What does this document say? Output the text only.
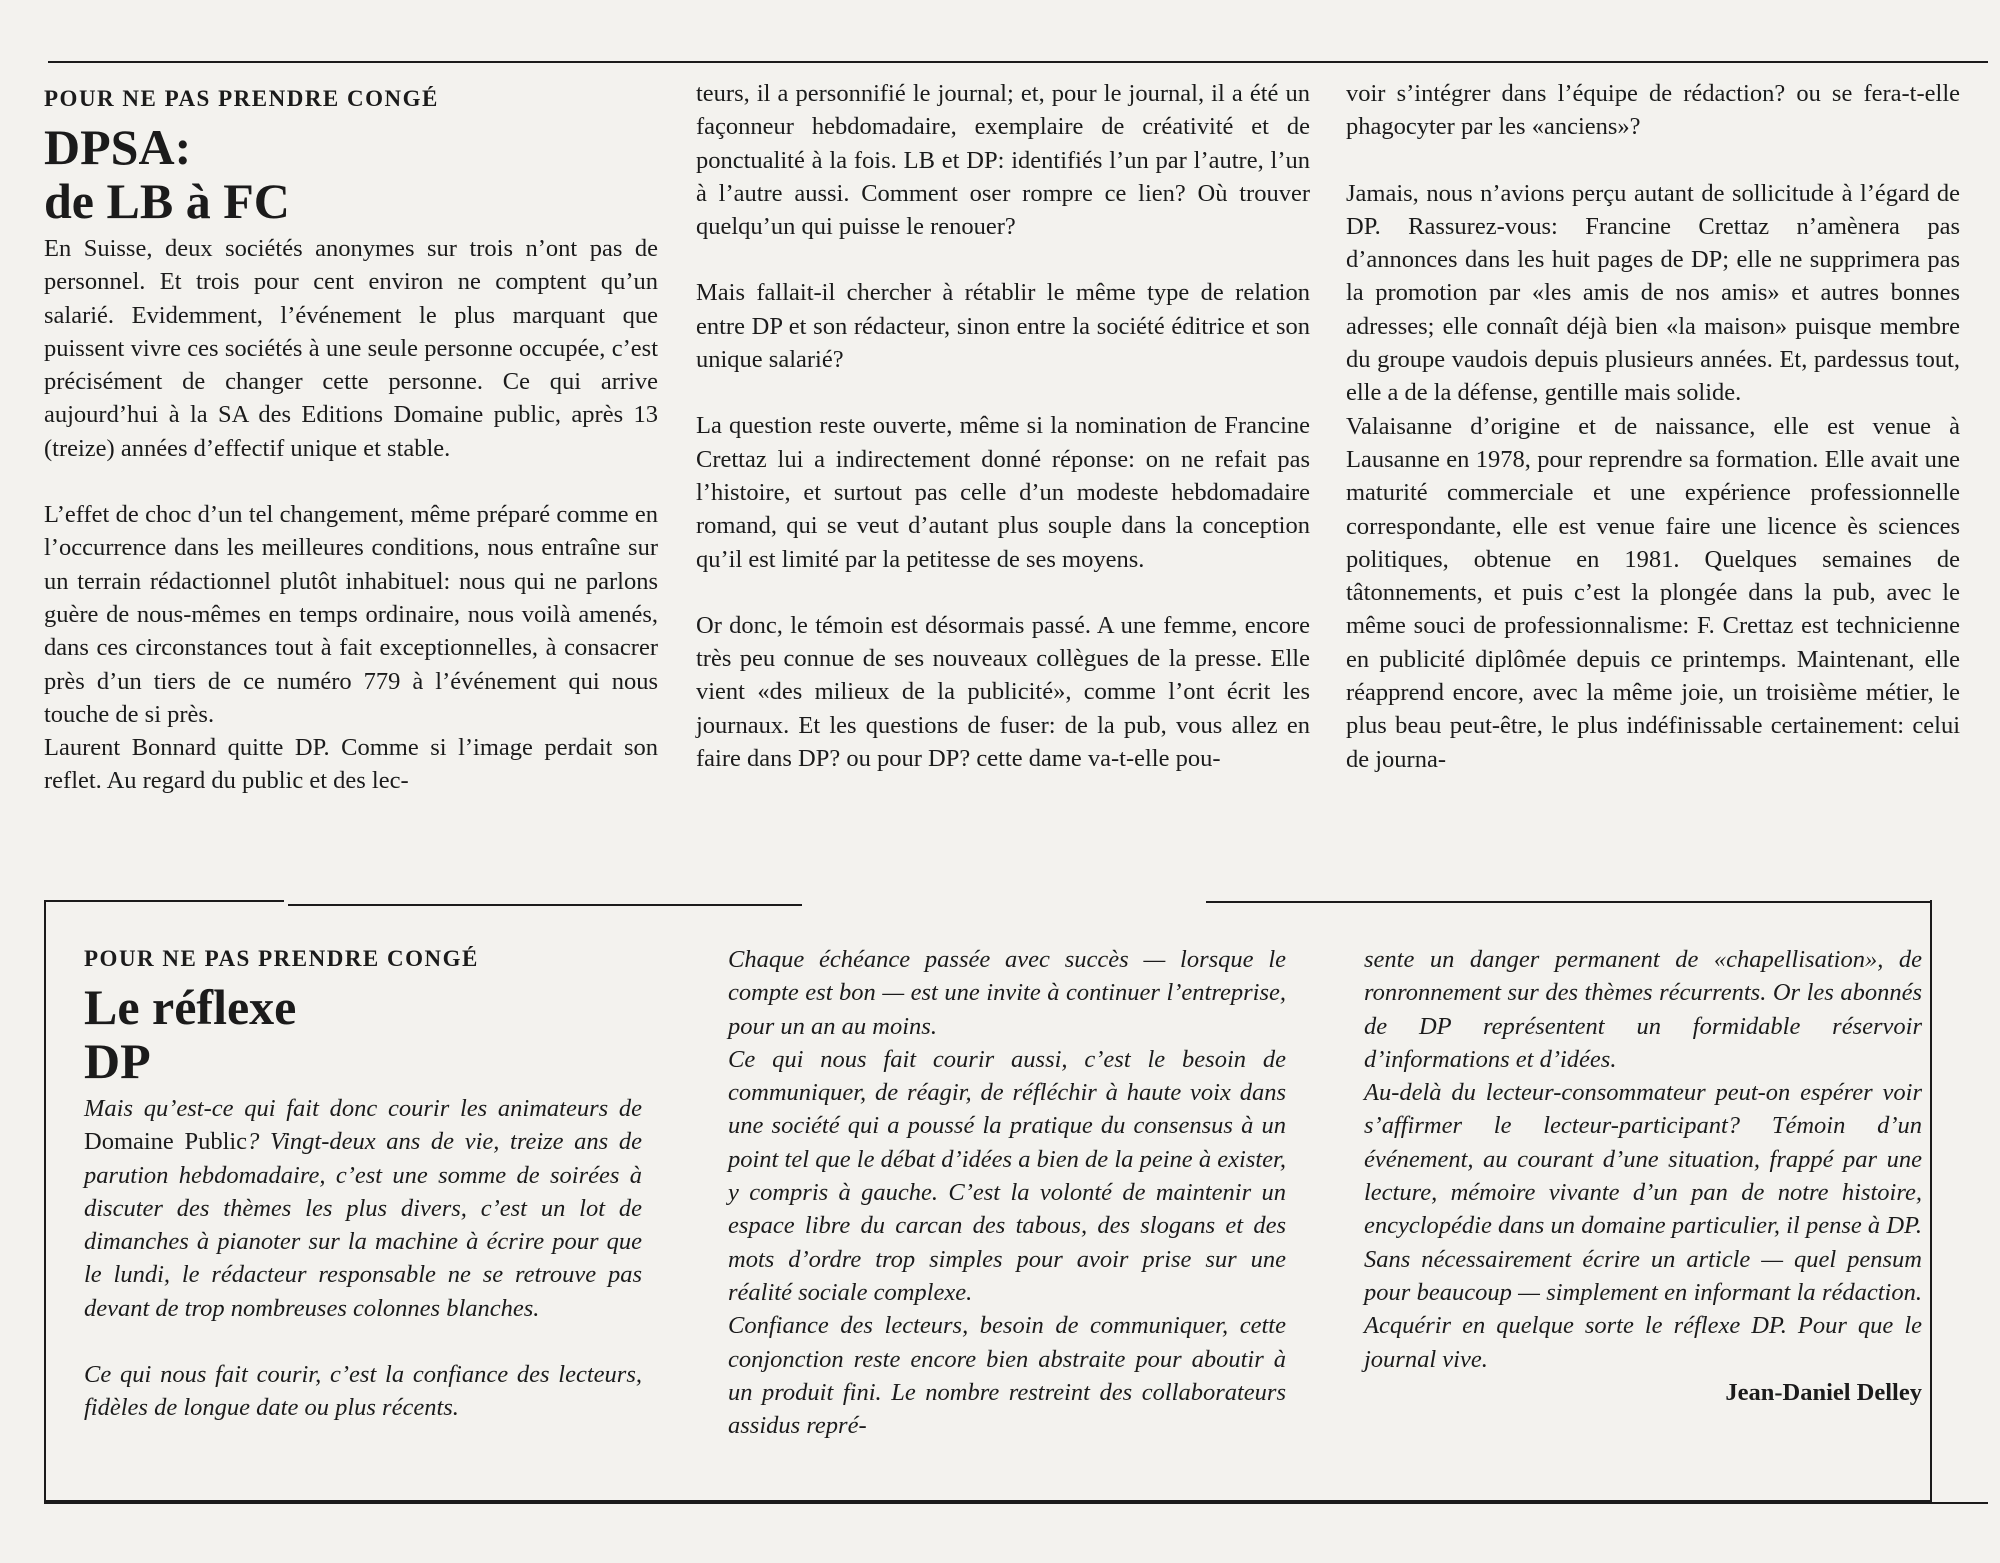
POUR NE PAS PRENDRE CONGÉ
DPSA:
de LB à FC

En Suisse, deux sociétés anonymes sur trois n’ont pas de personnel. Et trois pour cent environ ne comptent qu’un salarié. Evidemment, l’événement le plus marquant que puissent vivre ces sociétés à une seule personne occupée, c’est précisément de changer cette personne. Ce qui arrive aujourd’hui à la SA des Editions Domaine public, après 13 (treize) années d’effectif unique et stable.

L’effet de choc d’un tel changement, même préparé comme en l’occurrence dans les meilleures conditions, nous entraîne sur un terrain rédactionnel plutôt inhabituel: nous qui ne parlons guère de nous-mêmes en temps ordinaire, nous voilà amenés, dans ces circonstances tout à fait exceptionnelles, à consacrer près d’un tiers de ce numéro 779 à l’événement qui nous touche de si près.

Laurent Bonnard quitte DP. Comme si l’image perdait son reflet. Au regard du public et des lec-

teurs, il a personnifié le journal; et, pour le journal, il a été un façonneur hebdomadaire, exemplaire de créativité et de ponctualité à la fois. LB et DP: identifiés l’un par l’autre, l’un à l’autre aussi. Comment oser rompre ce lien? Où trouver quelqu’un qui puisse le renouer?

Mais fallait-il chercher à rétablir le même type de relation entre DP et son rédacteur, sinon entre la société éditrice et son unique salarié?

La question reste ouverte, même si la nomination de Francine Crettaz lui a indirectement donné réponse: on ne refait pas l’histoire, et surtout pas celle d’un modeste hebdomadaire romand, qui se veut d’autant plus souple dans la conception qu’il est limité par la petitesse de ses moyens.

Or donc, le témoin est désormais passé. A une femme, encore très peu connue de ses nouveaux collègues de la presse. Elle vient «des milieux de la publicité», comme l’ont écrit les journaux. Et les questions de fuser: de la pub, vous allez en faire dans DP? ou pour DP? cette dame va-t-elle pou-

voir s’intégrer dans l’équipe de rédaction? ou se fera-t-elle phagocyter par les «anciens»?

Jamais, nous n’avions perçu autant de sollicitude à l’égard de DP. Rassurez-vous: Francine Crettaz n’amènera pas d’annonces dans les huit pages de DP; elle ne supprimera pas la promotion par «les amis de nos amis» et autres bonnes adresses; elle connaît déjà bien «la maison» puisque membre du groupe vaudois depuis plusieurs années. Et, pardessus tout, elle a de la défense, gentille mais solide.

Valaisanne d’origine et de naissance, elle est venue à Lausanne en 1978, pour reprendre sa formation. Elle avait une maturité commerciale et une expérience professionnelle correspondante, elle est venue faire une licence ès sciences politiques, obtenue en 1981. Quelques semaines de tâtonnements, et puis c’est la plongée dans la pub, avec le même souci de professionnalisme: F. Crettaz est technicienne en publicité diplômée depuis ce printemps. Maintenant, elle réapprend encore, avec la même joie, un troisième métier, le plus beau peut-être, le plus indéfinissable certainement: celui de journa-

POUR NE PAS PRENDRE CONGÉ
Le réflexe
DP

Mais qu’est-ce qui fait donc courir les animateurs de Domaine Public? Vingt-deux ans de vie, treize ans de parution hebdomadaire, c’est une somme de soirées à discuter des thèmes les plus divers, c’est un lot de dimanches à pianoter sur la machine à écrire pour que le lundi, le rédacteur responsable ne se retrouve pas devant de trop nombreuses colonnes blanches.

Ce qui nous fait courir, c’est la confiance des lecteurs, fidèles de longue date ou plus récents.

Chaque échéance passée avec succès — lorsque le compte est bon — est une invite à continuer l’entreprise, pour un an au moins.

Ce qui nous fait courir aussi, c’est le besoin de communiquer, de réagir, de réfléchir à haute voix dans une société qui a poussé la pratique du consensus à un point tel que le débat d’idées a bien de la peine à exister, y compris à gauche. C’est la volonté de maintenir un espace libre du carcan des tabous, des slogans et des mots d’ordre trop simples pour avoir prise sur une réalité sociale complexe.

Confiance des lecteurs, besoin de communiquer, cette conjonction reste encore bien abstraite pour aboutir à un produit fini. Le nombre restreint des collaborateurs assidus repré-

sente un danger permanent de «chapellisation», de ronronnement sur des thèmes récurrents. Or les abonnés de DP représentent un formidable réservoir d’informations et d’idées.

Au-delà du lecteur-consommateur peut-on espérer voir s’affirmer le lecteur-participant? Témoin d’un événement, au courant d’une situation, frappé par une lecture, mémoire vivante d’un pan de notre histoire, encyclopédie dans un domaine particulier, il pense à DP. Sans nécessairement écrire un article — quel pensum pour beaucoup — simplement en informant la rédaction. Acquérir en quelque sorte le réflexe DP. Pour que le journal vive.

Jean-Daniel Delley
